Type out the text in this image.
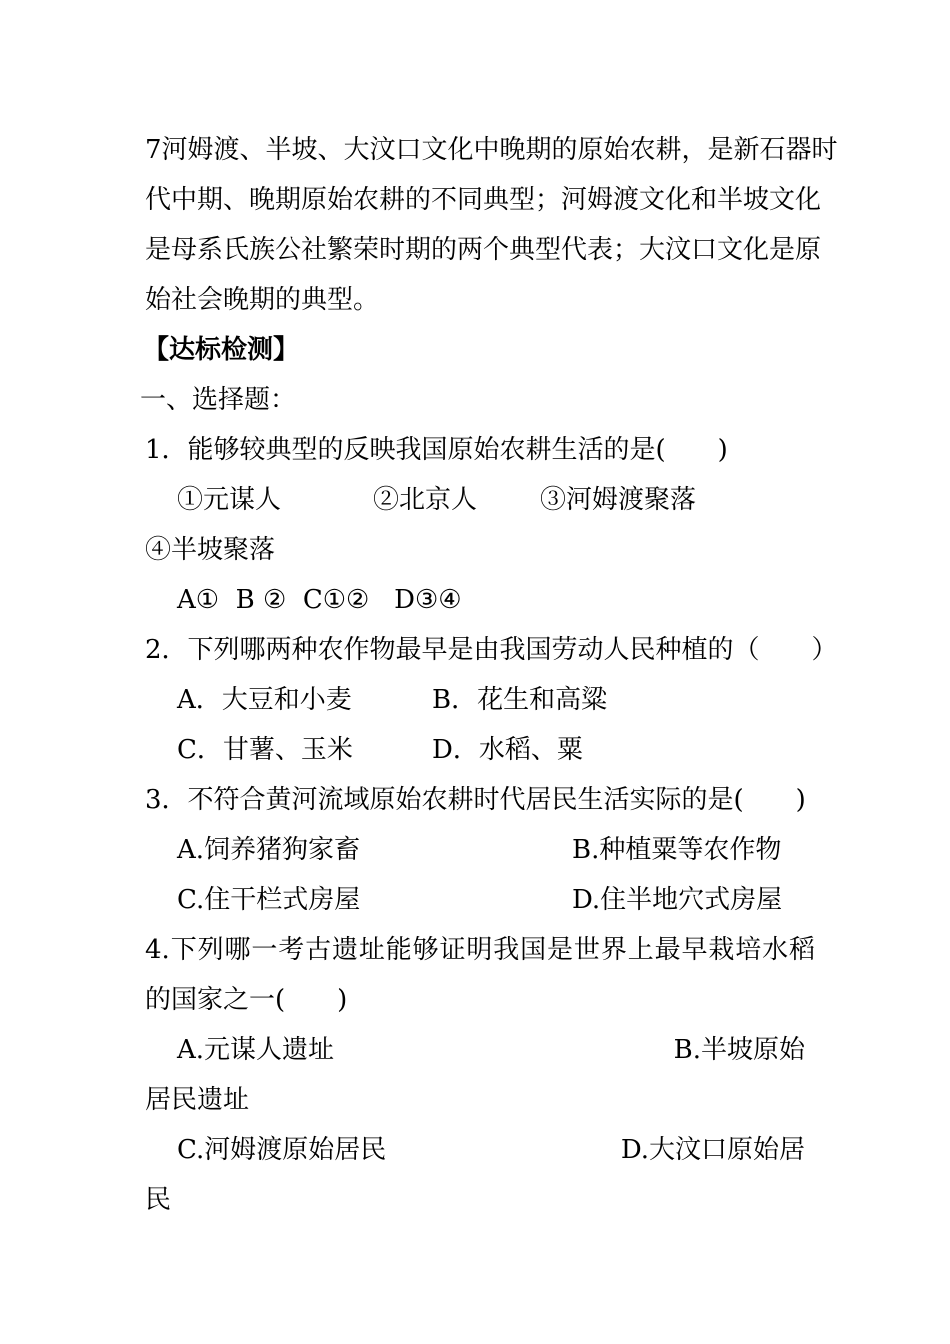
7河姆渡、半坡、大汶口文化中晚期的原始农耕，是新石器时
代中期、晚期原始农耕的不同典型；河姆渡文化和半坡文化
是母系氏族公社繁荣时期的两个典型代表；大汶口文化是原
始社会晚期的典型。
【达标检测】
一、选择题：
1．能够较典型的反映我国原始农耕生活的是(　　)
①元谋人	②北京人 ③河姆渡聚落
④半坡聚落
A①  B ②  C①②   D③④
2．下列哪两种农作物最早是由我国劳动人民种植的（　　）
A．大豆和小麦	B．花生和高粱
C．甘薯、玉米	D．水稻、粟
3．不符合黄河流域原始农耕时代居民生活实际的是(　　)
A.饲养猪狗家畜	B.种植粟等农作物
C.住干栏式房屋	D.住半地穴式房屋
4.下列哪一考古遗址能够证明我国是世界上最早栽培水稻
的国家之一(　　)
A.元谋人遗址	B.半坡原始
居民遗址
C.河姆渡原始居民	D.大汶口原始居
民
